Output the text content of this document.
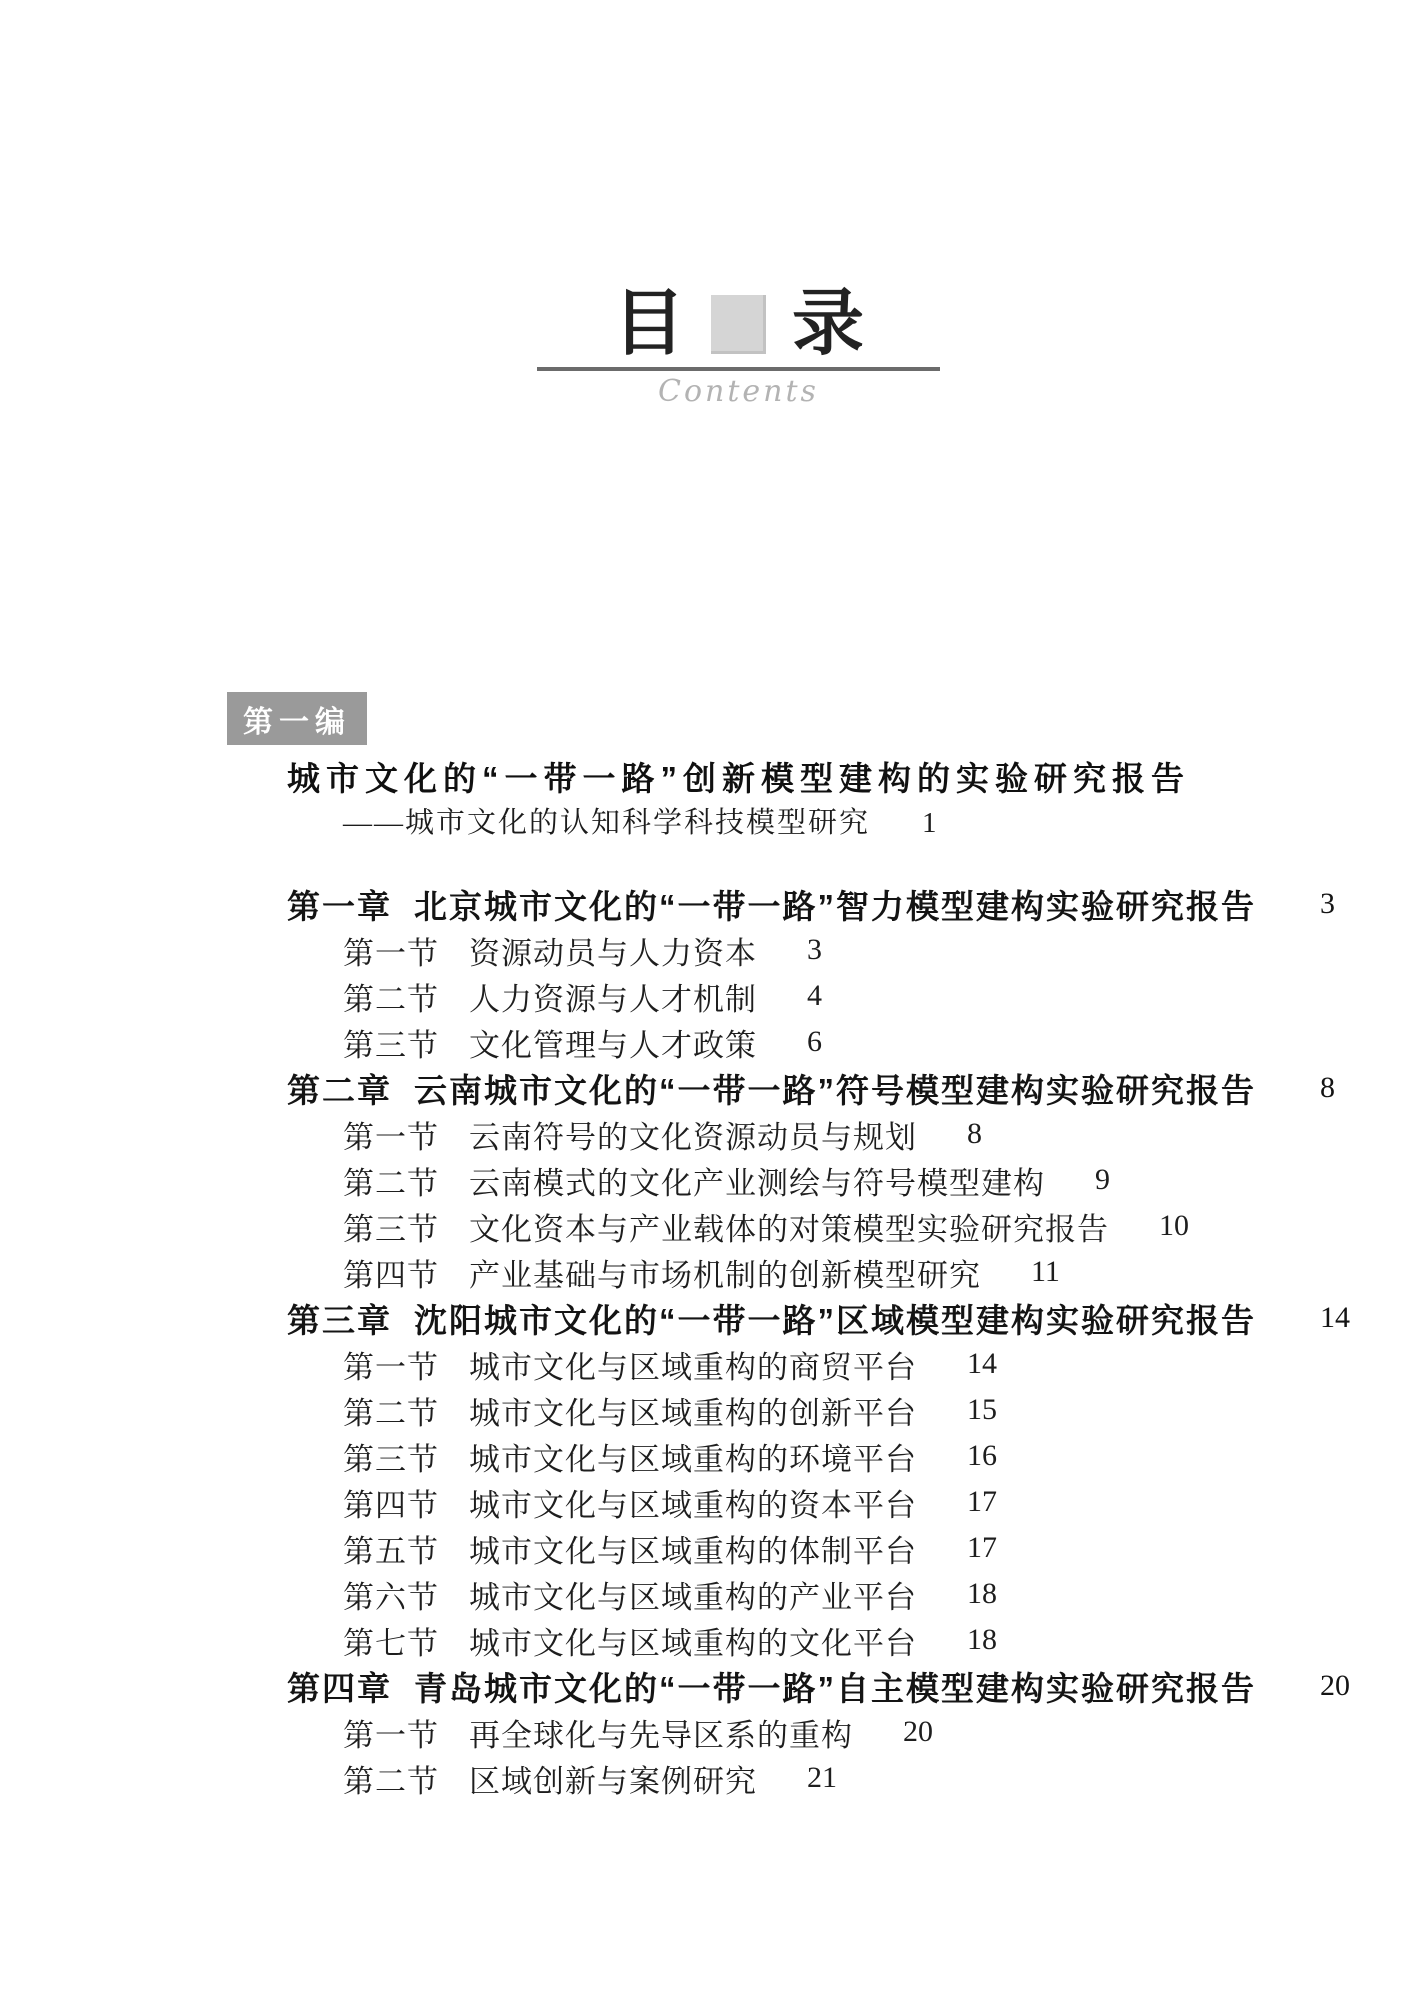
目 录
Contents
第一编
城市文化的“一带一路”创新模型建构的实验研究报告
——城市文化的认知科学科技模型研究 1
第一章 北京城市文化的“一带一路”智力模型建构实验研究报告 3
第一节 资源动员与人力资本 3
第二节 人力资源与人才机制 4
第三节 文化管理与人才政策 6
第二章 云南城市文化的“一带一路”符号模型建构实验研究报告 8
第一节 云南符号的文化资源动员与规划 8
第二节 云南模式的文化产业测绘与符号模型建构 9
第三节 文化资本与产业载体的对策模型实验研究报告 10
第四节 产业基础与市场机制的创新模型研究 11
第三章 沈阳城市文化的“一带一路”区域模型建构实验研究报告 14
第一节 城市文化与区域重构的商贸平台 14
第二节 城市文化与区域重构的创新平台 15
第三节 城市文化与区域重构的环境平台 16
第四节 城市文化与区域重构的资本平台 17
第五节 城市文化与区域重构的体制平台 17
第六节 城市文化与区域重构的产业平台 18
第七节 城市文化与区域重构的文化平台 18
第四章 青岛城市文化的“一带一路”自主模型建构实验研究报告 20
第一节 再全球化与先导区系的重构 20
第二节 区域创新与案例研究 21
